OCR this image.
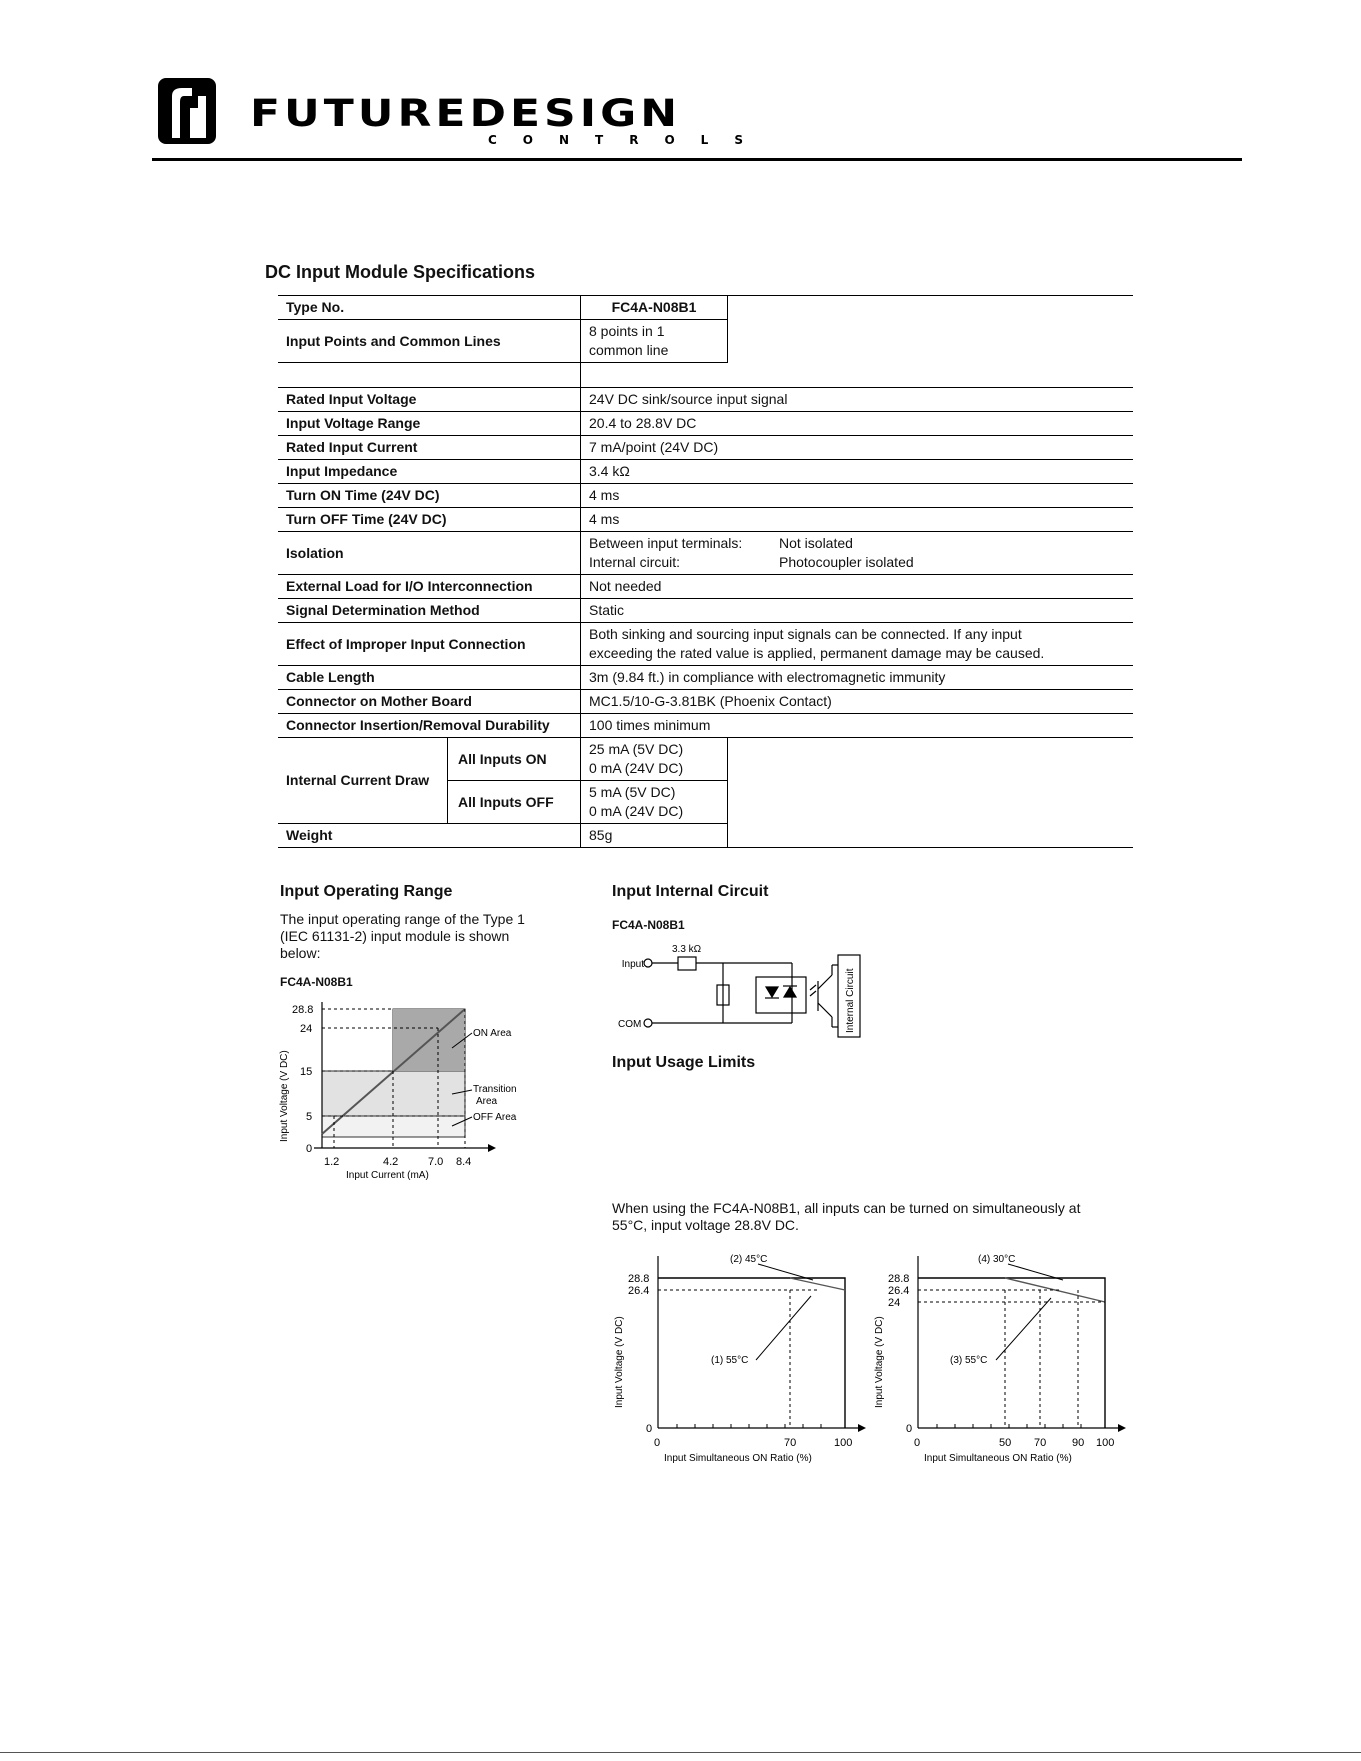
FUTUREDESIGN
CONTROLS
DC Input Module Specifications
Type No.		FC4A-N08B1	
Input Points and Common Lines		8 points in 1
common line	

Rated Input Voltage		24V DC sink/source input signal	
Input Voltage Range		20.4 to 28.8V DC	
Rated Input Current		7 mA/point (24V DC)	
Input Impedance		3.4 kΩ	
Turn ON Time (24V DC)		4 ms	
Turn OFF Time (24V DC)		4 ms	
Isolation		Between input terminals: Not isolated
Internal circuit: Photocoupler isolated	

External Load for I/O Interconnection		Not needed	
Signal Determination Method		Static	
Effect of Improper Input Connection		Both sinking and sourcing input signals can be connected. If any input
exceeding the rated value is applied, permanent damage may be caused.	

Cable Length		3m (9.84 ft.) in compliance with electromagnetic immunity	
Connector on Mother Board		MC1.5/10-G-3.81BK (Phoenix Contact)	
Connector Insertion/Removal Durability		100 times minimum	
Internal Current Draw	All Inputs ON	25 mA (5V DC)
0 mA (24V DC)	

	All Inputs OFF	5 mA (5V DC)
0 mA (24V DC)	

Weight		85g	
Input Operating Range
The input operating range of the Type 1
(IEC 61131-2) input module is shown
below:
FC4A-N08B1
28.8
24
15
5
0
1.2	4.2	7.0 8.4
Input Current (mA)
Input Voltage (V DC)
ON Area
Transition
Area
OFF Area
Input Internal Circuit
FC4A-N08B1
Input
COM
3.3 kΩ
Internal Circuit
Input Usage Limits
When using the FC4A-N08B1, all inputs can be turned on simultaneously at
55°C, input voltage 28.8V DC.
(2) 45°C
(1) 55°C
28.8
26.4
0
0	70	100
Input Simultaneous ON Ratio (%)
Input Voltage (V DC)
(4) 30°C
(3) 55°C
28.8
26.4
24
0
0	50 70 90 100
Input Simultaneous ON Ratio (%)
Input Voltage (V DC)
